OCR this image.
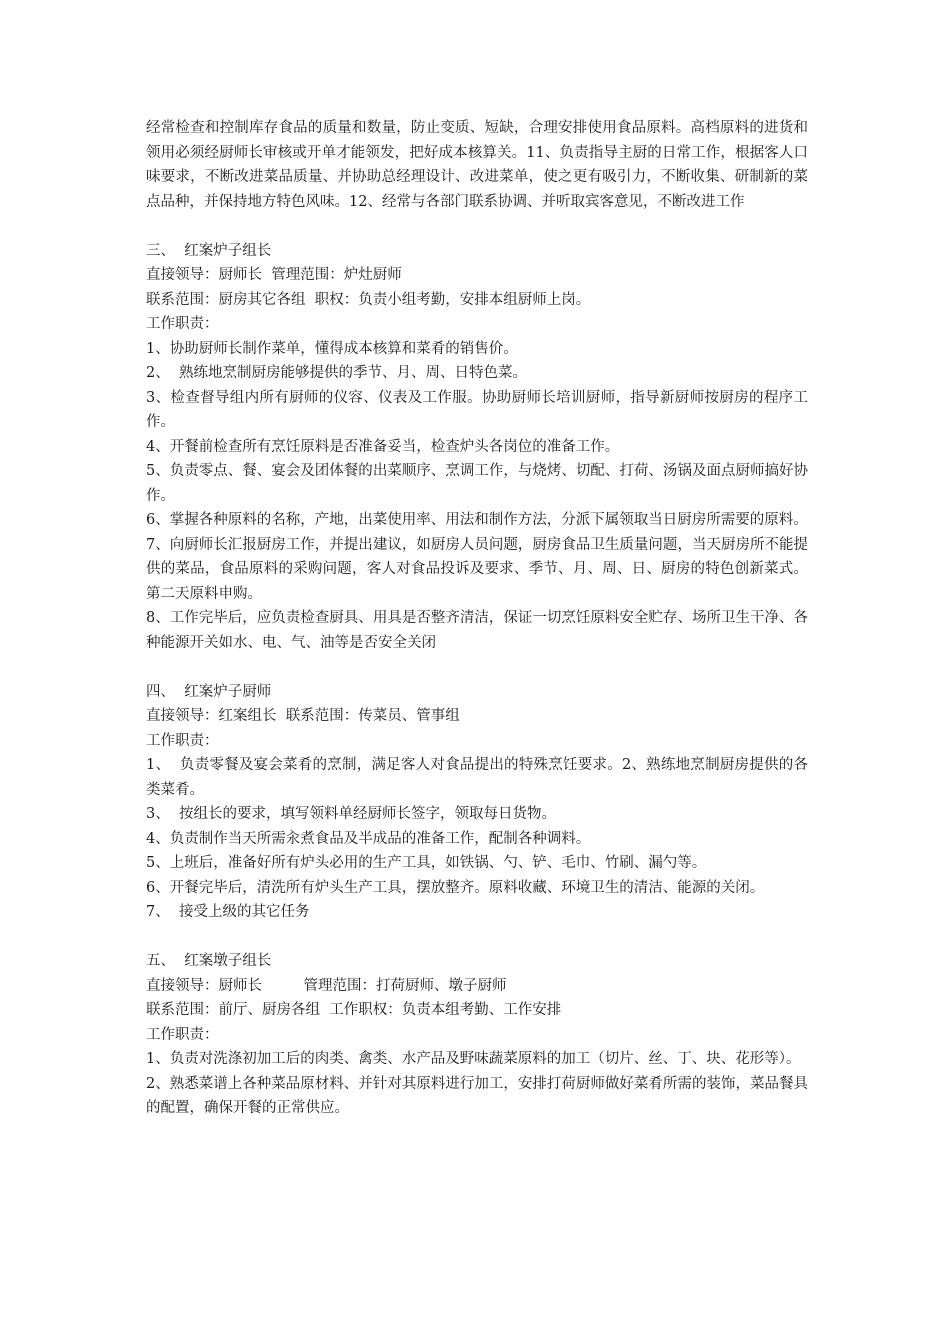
经常检查和控制库存食品的质量和数量，防止变质、短缺，合理安排使用食品原料。高档原料的进货和领用必须经厨师长审核或开单才能领发，把好成本核算关。11、负责指导主厨的日常工作，根据客人口味要求，不断改进菜品质量、并协助总经理设计、改进菜单，使之更有吸引力，不断收集、研制新的菜点品种，并保持地方特色风味。12、经常与各部门联系协调、并听取宾客意见，不断改进工作

三、  红案炉子组长

直接领导：厨师长  管理范围：炉灶厨师

联系范围：厨房其它各组  职权：负责小组考勤，安排本组厨师上岗。

工作职责：

1、协助厨师长制作菜单，懂得成本核算和菜肴的销售价。

2、  熟练地烹制厨房能够提供的季节、月、周、日特色菜。

3、检查督导组内所有厨师的仪容、仪表及工作服。协助厨师长培训厨师，指导新厨师按厨房的程序工作。

4、开餐前检查所有烹饪原料是否准备妥当，检查炉头各岗位的准备工作。

5、负责零点、餐、宴会及团体餐的出菜顺序、烹调工作，与烧烤、切配、打荷、汤锅及面点厨师搞好协作。

6、掌握各种原料的名称，产地，出菜使用率、用法和制作方法，分派下属领取当日厨房所需要的原料。

7、向厨师长汇报厨房工作，并提出建议，如厨房人员问题，厨房食品卫生质量问题，当天厨房所不能提供的菜品，食品原料的采购问题，客人对食品投诉及要求、季节、月、周、日、厨房的特色创新菜式。第二天原料申购。

8、工作完毕后，应负责检查厨具、用具是否整齐清洁，保证一切烹饪原料安全贮存、场所卫生干净、各种能源开关如水、电、气、油等是否安全关闭

四、  红案炉子厨师

直接领导：红案组长  联系范围：传菜员、管事组

工作职责：

1、  负责零餐及宴会菜肴的烹制，满足客人对食品提出的特殊烹饪要求。2、熟练地烹制厨房提供的各类菜肴。

3、  按组长的要求，填写领料单经厨师长签字，领取每日货物。

4、负责制作当天所需汆煮食品及半成品的准备工作，配制各种调料。

5、上班后，准备好所有炉头必用的生产工具，如铁锅、勺、铲、毛巾、竹刷、漏勺等。

6、开餐完毕后，清洗所有炉头生产工具，摆放整齐。原料收藏、环境卫生的清洁、能源的关闭。

7、  接受上级的其它任务

五、  红案墩子组长

直接领导：厨师长         管理范围：打荷厨师、墩子厨师

联系范围：前厅、厨房各组  工作职权：负责本组考勤、工作安排

工作职责：

1、负责对洗涤初加工后的肉类、禽类、水产品及野味蔬菜原料的加工（切片、丝、丁、块、花形等）。

2、熟悉菜谱上各种菜品原材料、并针对其原料进行加工，安排打荷厨师做好菜肴所需的装饰，菜品餐具的配置，确保开餐的正常供应。
